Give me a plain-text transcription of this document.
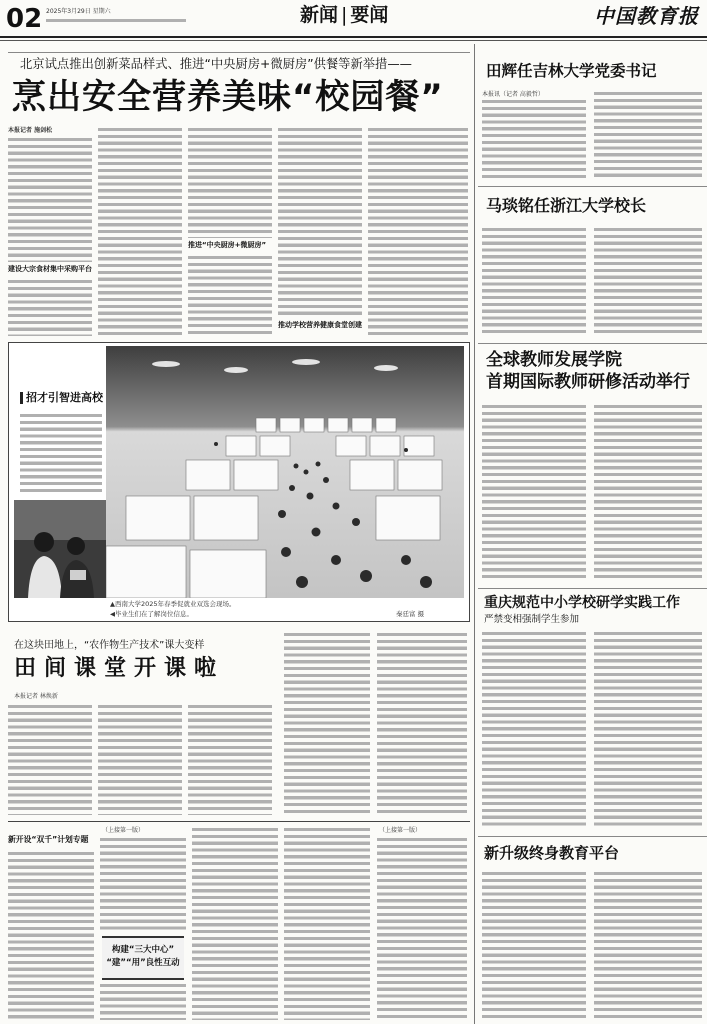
02 2025年3月29日 星期六	新闻 | 要闻	中国教育报
北京试点推出创新菜品样式、推进“中央厨房+微厨房”供餐等新举措——
烹出安全营养美味“校园餐”
本报记者 施剑松
建设大宗食材集中采购平台
推进“中央厨房+微厨房”
推动学校营养健康食堂创建
田辉任吉林大学党委书记
本报讯（记者 高毅哲）
马琰铭任浙江大学校长
全球教师发展学院
首期国际教师研修活动举行
重庆规范中小学校研学实践工作
严禁变相强制学生参加
新升级终身教育平台
招才引智进高校
▲西南大学2025年春季促就业双选会现场。
◀毕业生们在了解岗位信息。	秦廷富 摄
在这块田地上，“农作物生产技术”课大变样
田间课堂开课啦
本报记者 林焕新
新开设“双千”计划专题
（上接第一版）
构建“三大中心”
“建”“用”良性互动
（上接第一版）
